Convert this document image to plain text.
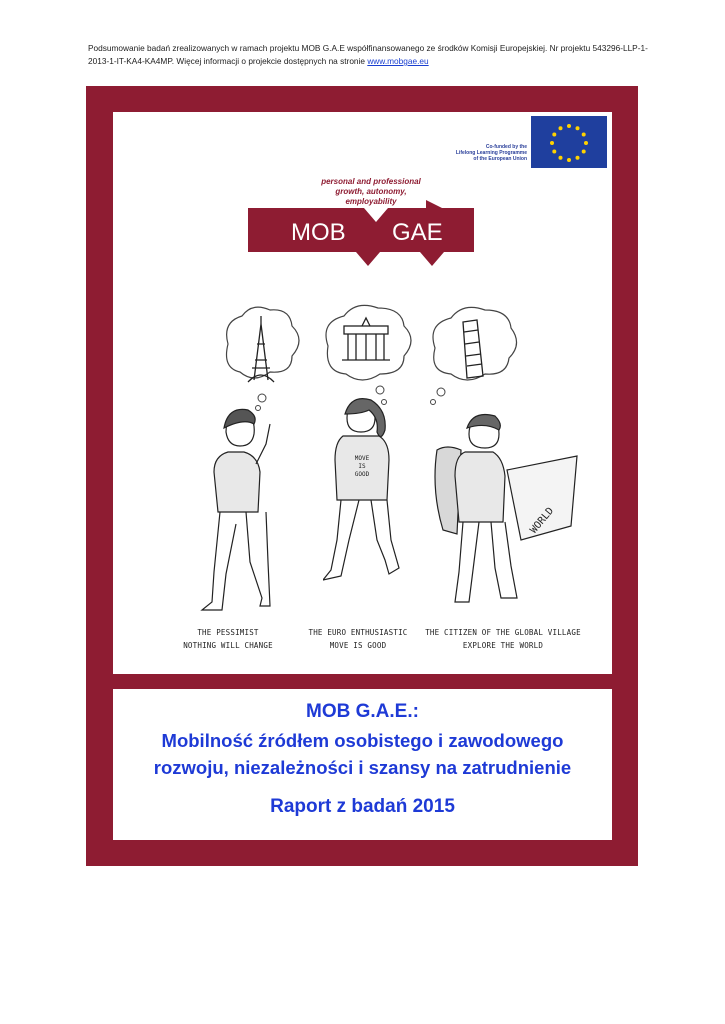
Podsumowanie badań zrealizowanych w ramach projektu MOB G.A.E współfinansowanego ze środków Komisji Europejskiej. Nr projektu 543296-LLP-1-2013-1-IT-KA4-KA4MP. Więcej informacji o projekcie dostępnych na stronie www.mobgae.eu
Co-funded by the
Lifelong Learning Programme
of the European Union
personal and professional
growth, autonomy,
employability
MOB GAE
MOVE
IS
GOOD
WORLD
THE PESSIMIST
NOTHING WILL CHANGE
THE EURO ENTHUSIASTIC
MOVE IS GOOD
THE CITIZEN OF THE GLOBAL VILLAGE
EXPLORE THE WORLD
MOB G.A.E.:
Mobilność źródłem osobistego i zawodowego
rozwoju, niezależności i szansy na zatrudnienie
Raport z badań 2015
